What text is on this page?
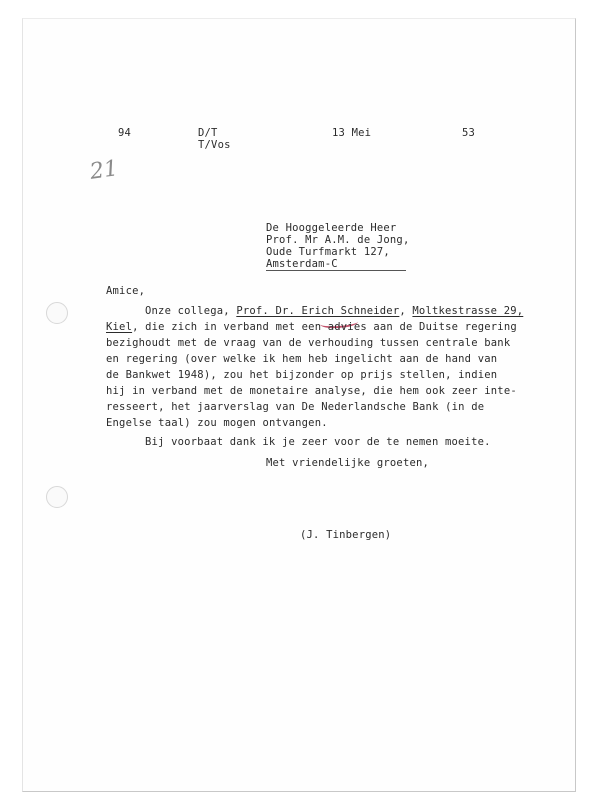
94	D/T
T/Vos
13 Mei	53
21
De Hooggeleerde Heer
Prof. Mr A.M. de Jong,
Oude Turfmarkt 127,
Amsterdam-C
Amice,
Onze collega, Prof. Dr. Erich Schneider, Moltkestrasse 29,
Kiel, die zich in verband met een advies aan de Duitse regering
bezighoudt met de vraag van de verhouding tussen centrale bank
en regering (over welke ik hem heb ingelicht aan de hand van
de Bankwet 1948), zou het bijzonder op prijs stellen, indien
hij in verband met de monetaire analyse, die hem ook zeer inte-
resseert, het jaarverslag van De Nederlandsche Bank (in de
Engelse taal) zou mogen ontvangen.
Bij voorbaat dank ik je zeer voor de te nemen moeite.
Met vriendelijke groeten,
(J. Tinbergen)
